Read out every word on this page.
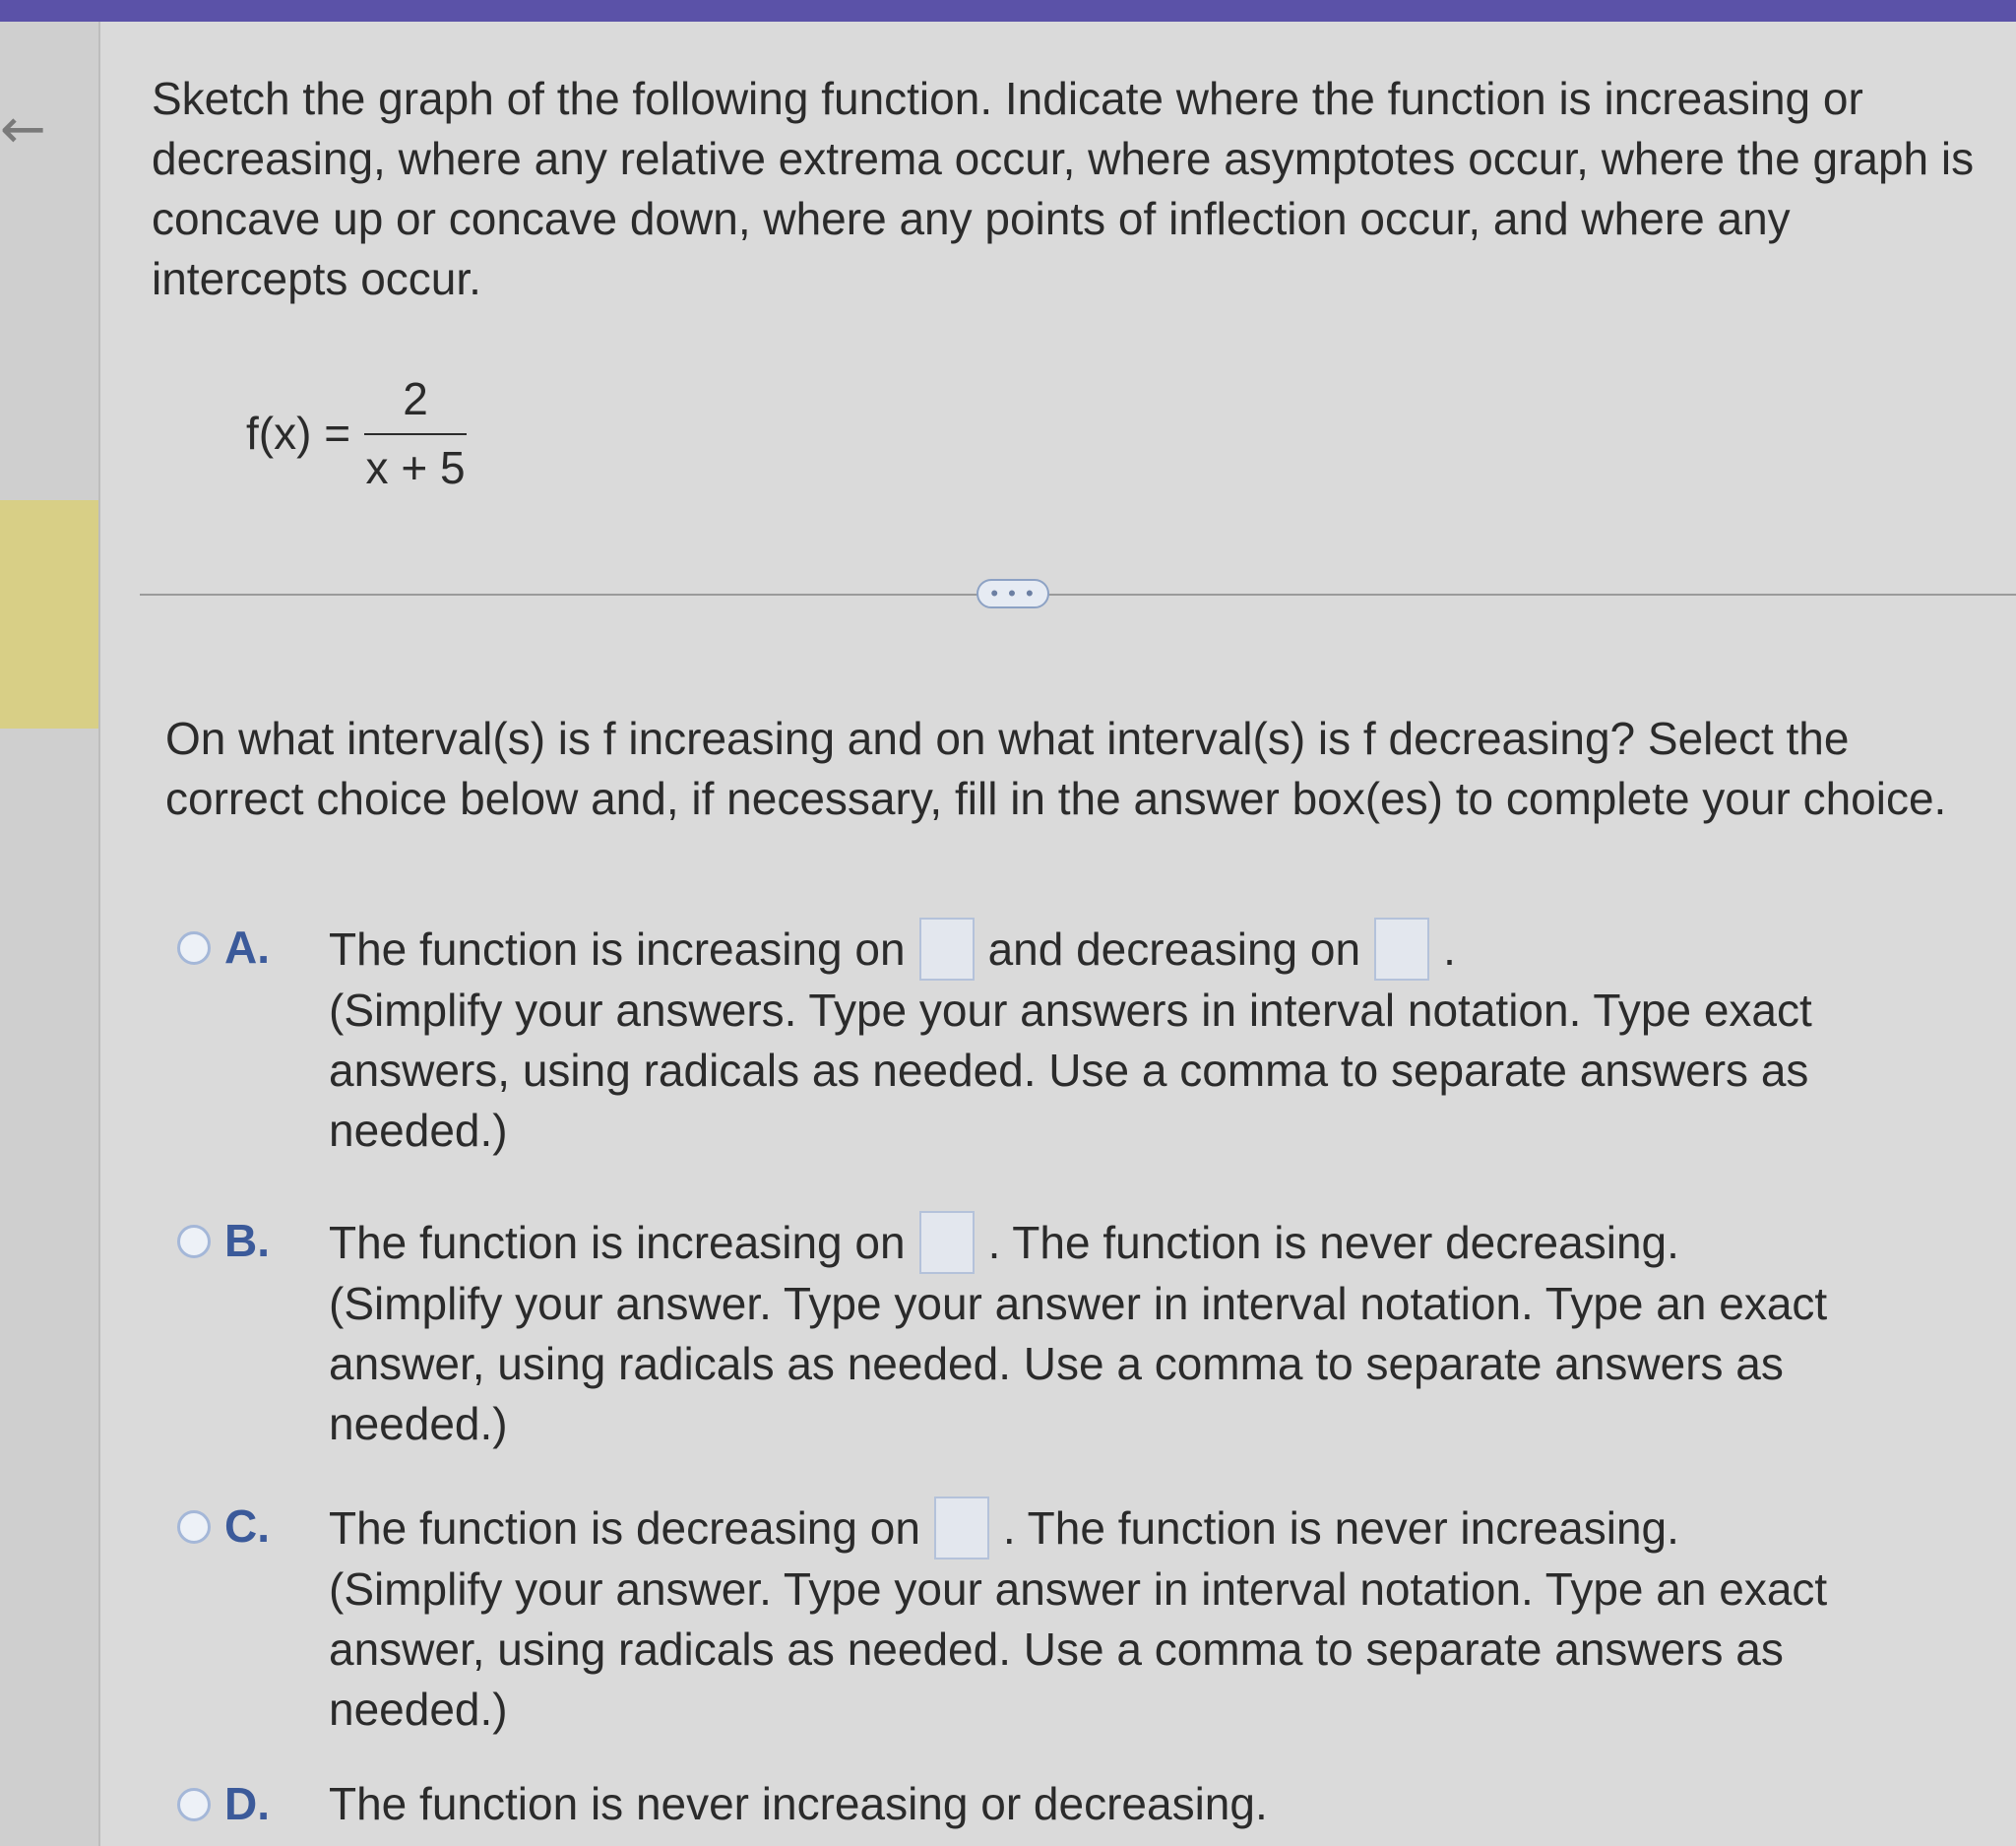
← Sketch the graph of the following function. Indicate where the function is increasing or decreasing, where any relative extrema occur, where asymptotes occur, where the graph is concave up or concave down, where any points of inflection occur, and where any intercepts occur.
$f(x) = \frac{2}{x + 5}$
• • •
On what interval(s) is f increasing and on what interval(s) is f decreasing? Select the correct choice below and, if necessary, fill in the answer box(es) to complete your choice.
A. The function is increasing on and decreasing on .
(Simplify your answers. Type your answers in interval notation. Type exact answers, using radicals as needed. Use a comma to separate answers as needed.)
B. The function is increasing on . The function is never decreasing.
(Simplify your answer. Type your answer in interval notation. Type an exact answer, using radicals as needed. Use a comma to separate answers as needed.)
C. The function is decreasing on . The function is never increasing.
(Simplify your answer. Type your answer in interval notation. Type an exact answer, using radicals as needed. Use a comma to separate answers as needed.)
D. The function is never increasing or decreasing.
